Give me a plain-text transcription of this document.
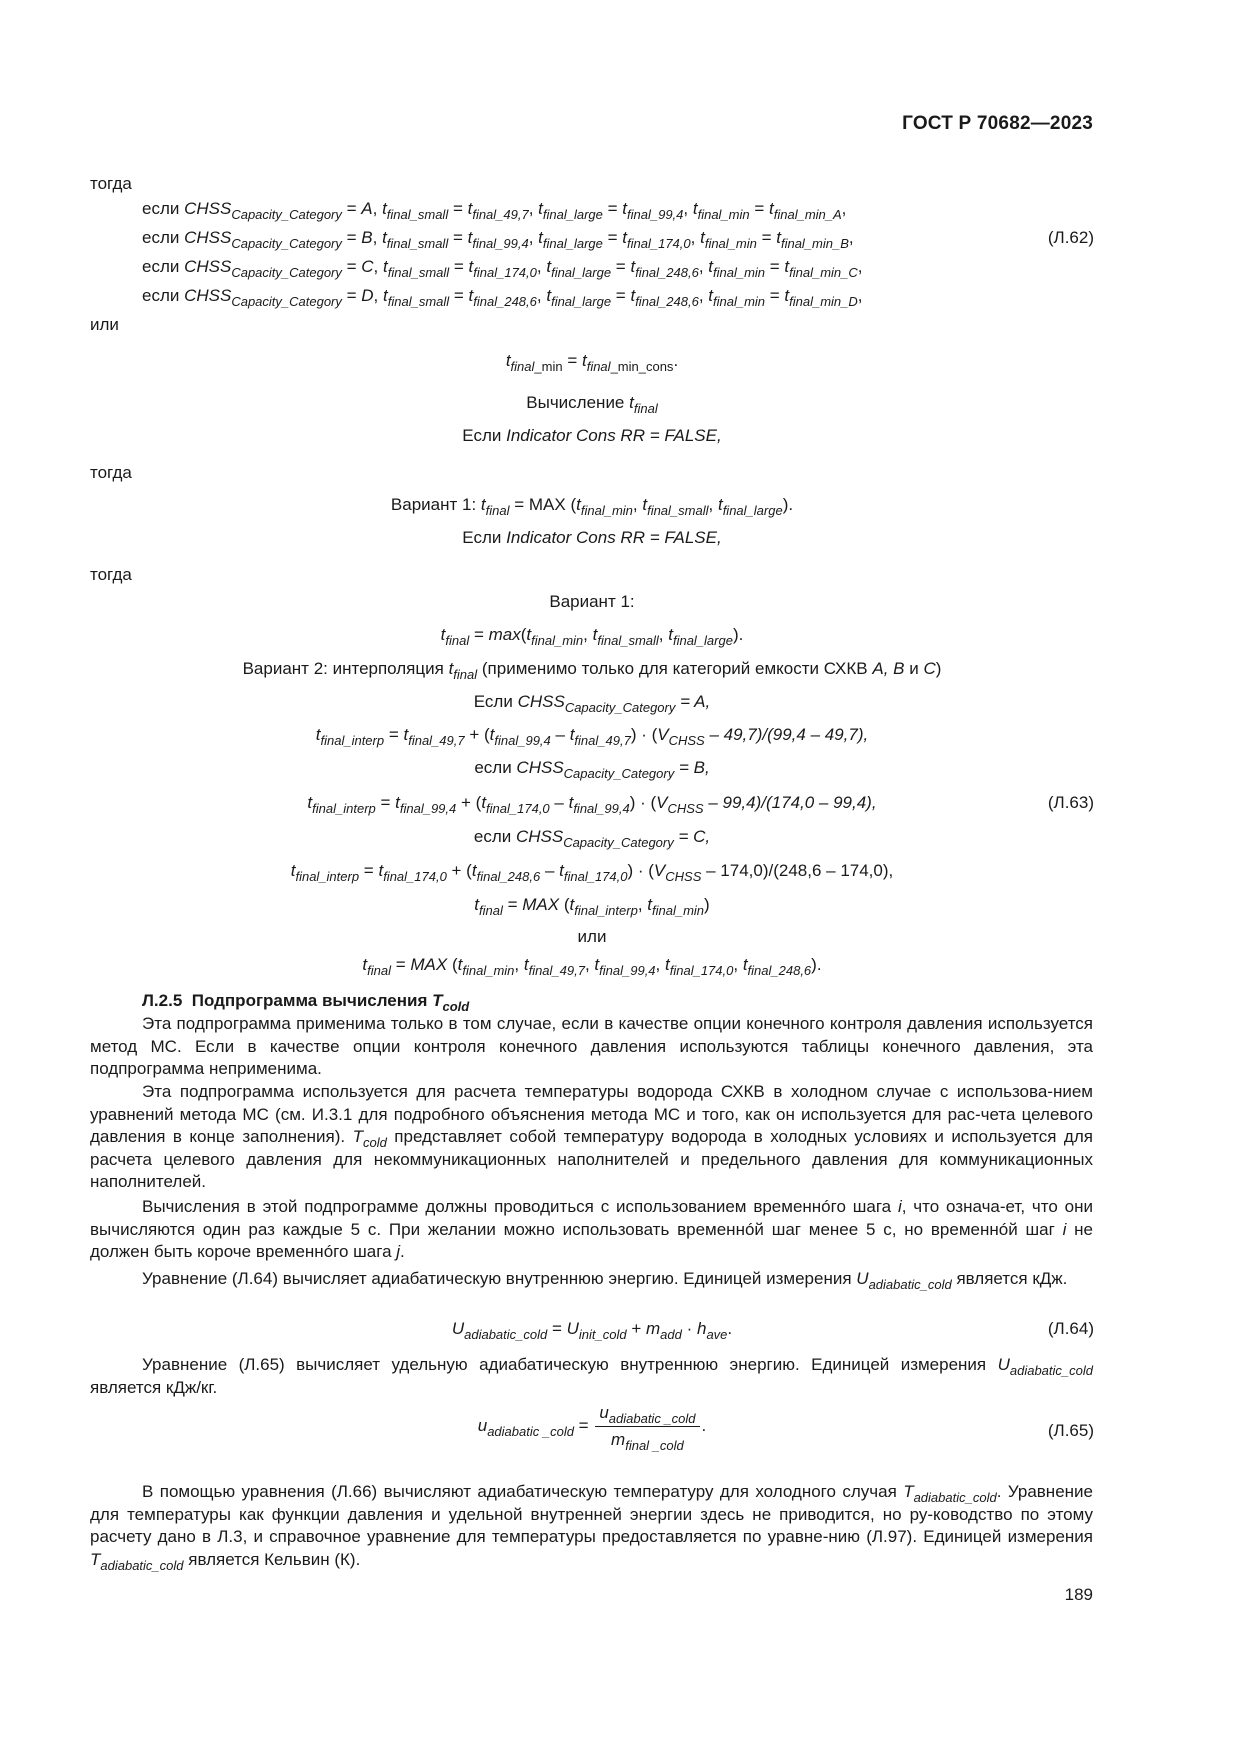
ГОСТ Р 70682—2023
тогда
если $CHSS_{Capacity\_Category} = A$, $t_{final\_small} = t_{final\_49,7}$, $t_{final\_large} = t_{final\_99,4}$, $t_{final\_min} = t_{final\_min\_A}$,
если $CHSS_{Capacity\_Category} = B$, $t_{final\_small} = t_{final\_99,4}$, $t_{final\_large} = t_{final\_174,0}$, $t_{final\_min} = t_{final\_min\_B}$,	(Л.62)
если $CHSS_{Capacity\_Category} = C$, $t_{final\_small} = t_{final\_174,0}$, $t_{final\_large} = t_{final\_248,6}$, $t_{final\_min} = t_{final\_min\_C}$,
если $CHSS_{Capacity\_Category} = D$, $t_{final\_small} = t_{final\_248,6}$, $t_{final\_large} = t_{final\_248,6}$, $t_{final\_min} = t_{final\_min\_D}$,
или
$t_{final\_min} = t_{final\_min\_cons}$.
Вычисление $t_{final}$
Если Indicator Cons RR = FALSE,
тогда
Вариант 1: $t_{final}$ = MAX ($t_{final\_min}$, $t_{final\_small}$, $t_{final\_large}$).
Если Indicator Cons RR = FALSE,
тогда
Вариант 1:
$t_{final} = \max(t_{final\_min}$, $t_{final\_small}$, $t_{final\_large}$).
Вариант 2: интерполяция $t_{final}$ (применимо только для категорий емкости СХКВ A, B и C)
Если $CHSS_{Capacity\_Category} = A$,
$t_{final\_interp} = t_{final\_49,7} + (t_{final\_99,4} - t_{final\_49,7}) \cdot (V_{CHSS} - 49,7)/(99,4 - 49,7)$,
если $CHSS_{Capacity\_Category} = B$,
$t_{final\_interp} = t_{final\_99,4} + (t_{final\_174,0} - t_{final\_99,4}) \cdot (V_{CHSS} - 99,4)/(174,0 - 99,4)$,	(Л.63)
если $CHSS_{Capacity\_Category} = C$,
$t_{final\_interp} = t_{final\_174,0} + (t_{final\_248,6} - t_{final\_174,0}) \cdot (V_{CHSS} - 174,0)/(248,6 - 174,0)$,
$t_{final}$ = MAX ($t_{final\_interp}$, $t_{final\_min}$)
или
$t_{final}$ = MAX ($t_{final\_min}$, $t_{final\_49,7}$, $t_{final\_99,4}$, $t_{final\_174,0}$, $t_{final\_248,6}$).
Л.2.5  Подпрограмма вычисления $T_{cold}$
Эта подпрограмма применима только в том случае, если в качестве опции конечного контроля давления используется метод МС. Если в качестве опции контроля конечного давления используются таблицы конечного давления, эта подпрограмма неприменима.
Эта подпрограмма используется для расчета температуры водорода СХКВ в холодном случае с использова-нием уравнений метода МС (см. И.3.1 для подробного объяснения метода МС и того, как он используется для рас-чета целевого давления в конце заполнения). $T_{cold}$ представляет собой температуру водорода в холодных условиях и используется для расчета целевого давления для некоммуникационных наполнителей и предельного давления для коммуникационных наполнителей.
Вычисления в этой подпрограмме должны проводиться с использованием временнóго шага i, что означа-ет, что они вычисляются один раз каждые 5 с. При желании можно использовать временнóй шаг менее 5 с, но временнóй шаг i не должен быть короче временнóго шага j.
Уравнение (Л.64) вычисляет адиабатическую внутреннюю энергию. Единицей измерения $U_{adiabatic\_cold}$ является кДж.
$U_{adiabatic\_cold} = U_{init\_cold} + m_{add} \cdot h_{ave}$.	(Л.64)
Уравнение (Л.65) вычисляет удельную адиабатическую внутреннюю энергию. Единицей измерения $U_{adiabatic\_cold}$ является кДж/кг.
$u_{adiabatic \_cold} = \frac{u_{adiabatic \_cold}}{m_{final \_cold}}$ .	(Л.65)
В помощью уравнения (Л.66) вычисляют адиабатическую температуру для холодного случая $T_{adiabatic\_cold}$. Уравнение для температуры как функции давления и удельной внутренней энергии здесь не приводится, но ру-ководство по этому расчету дано в Л.3, и справочное уравнение для температуры предоставляется по уравне-нию (Л.97). Единицей измерения $T_{adiabatic\_cold}$ является Кельвин (К).
189
